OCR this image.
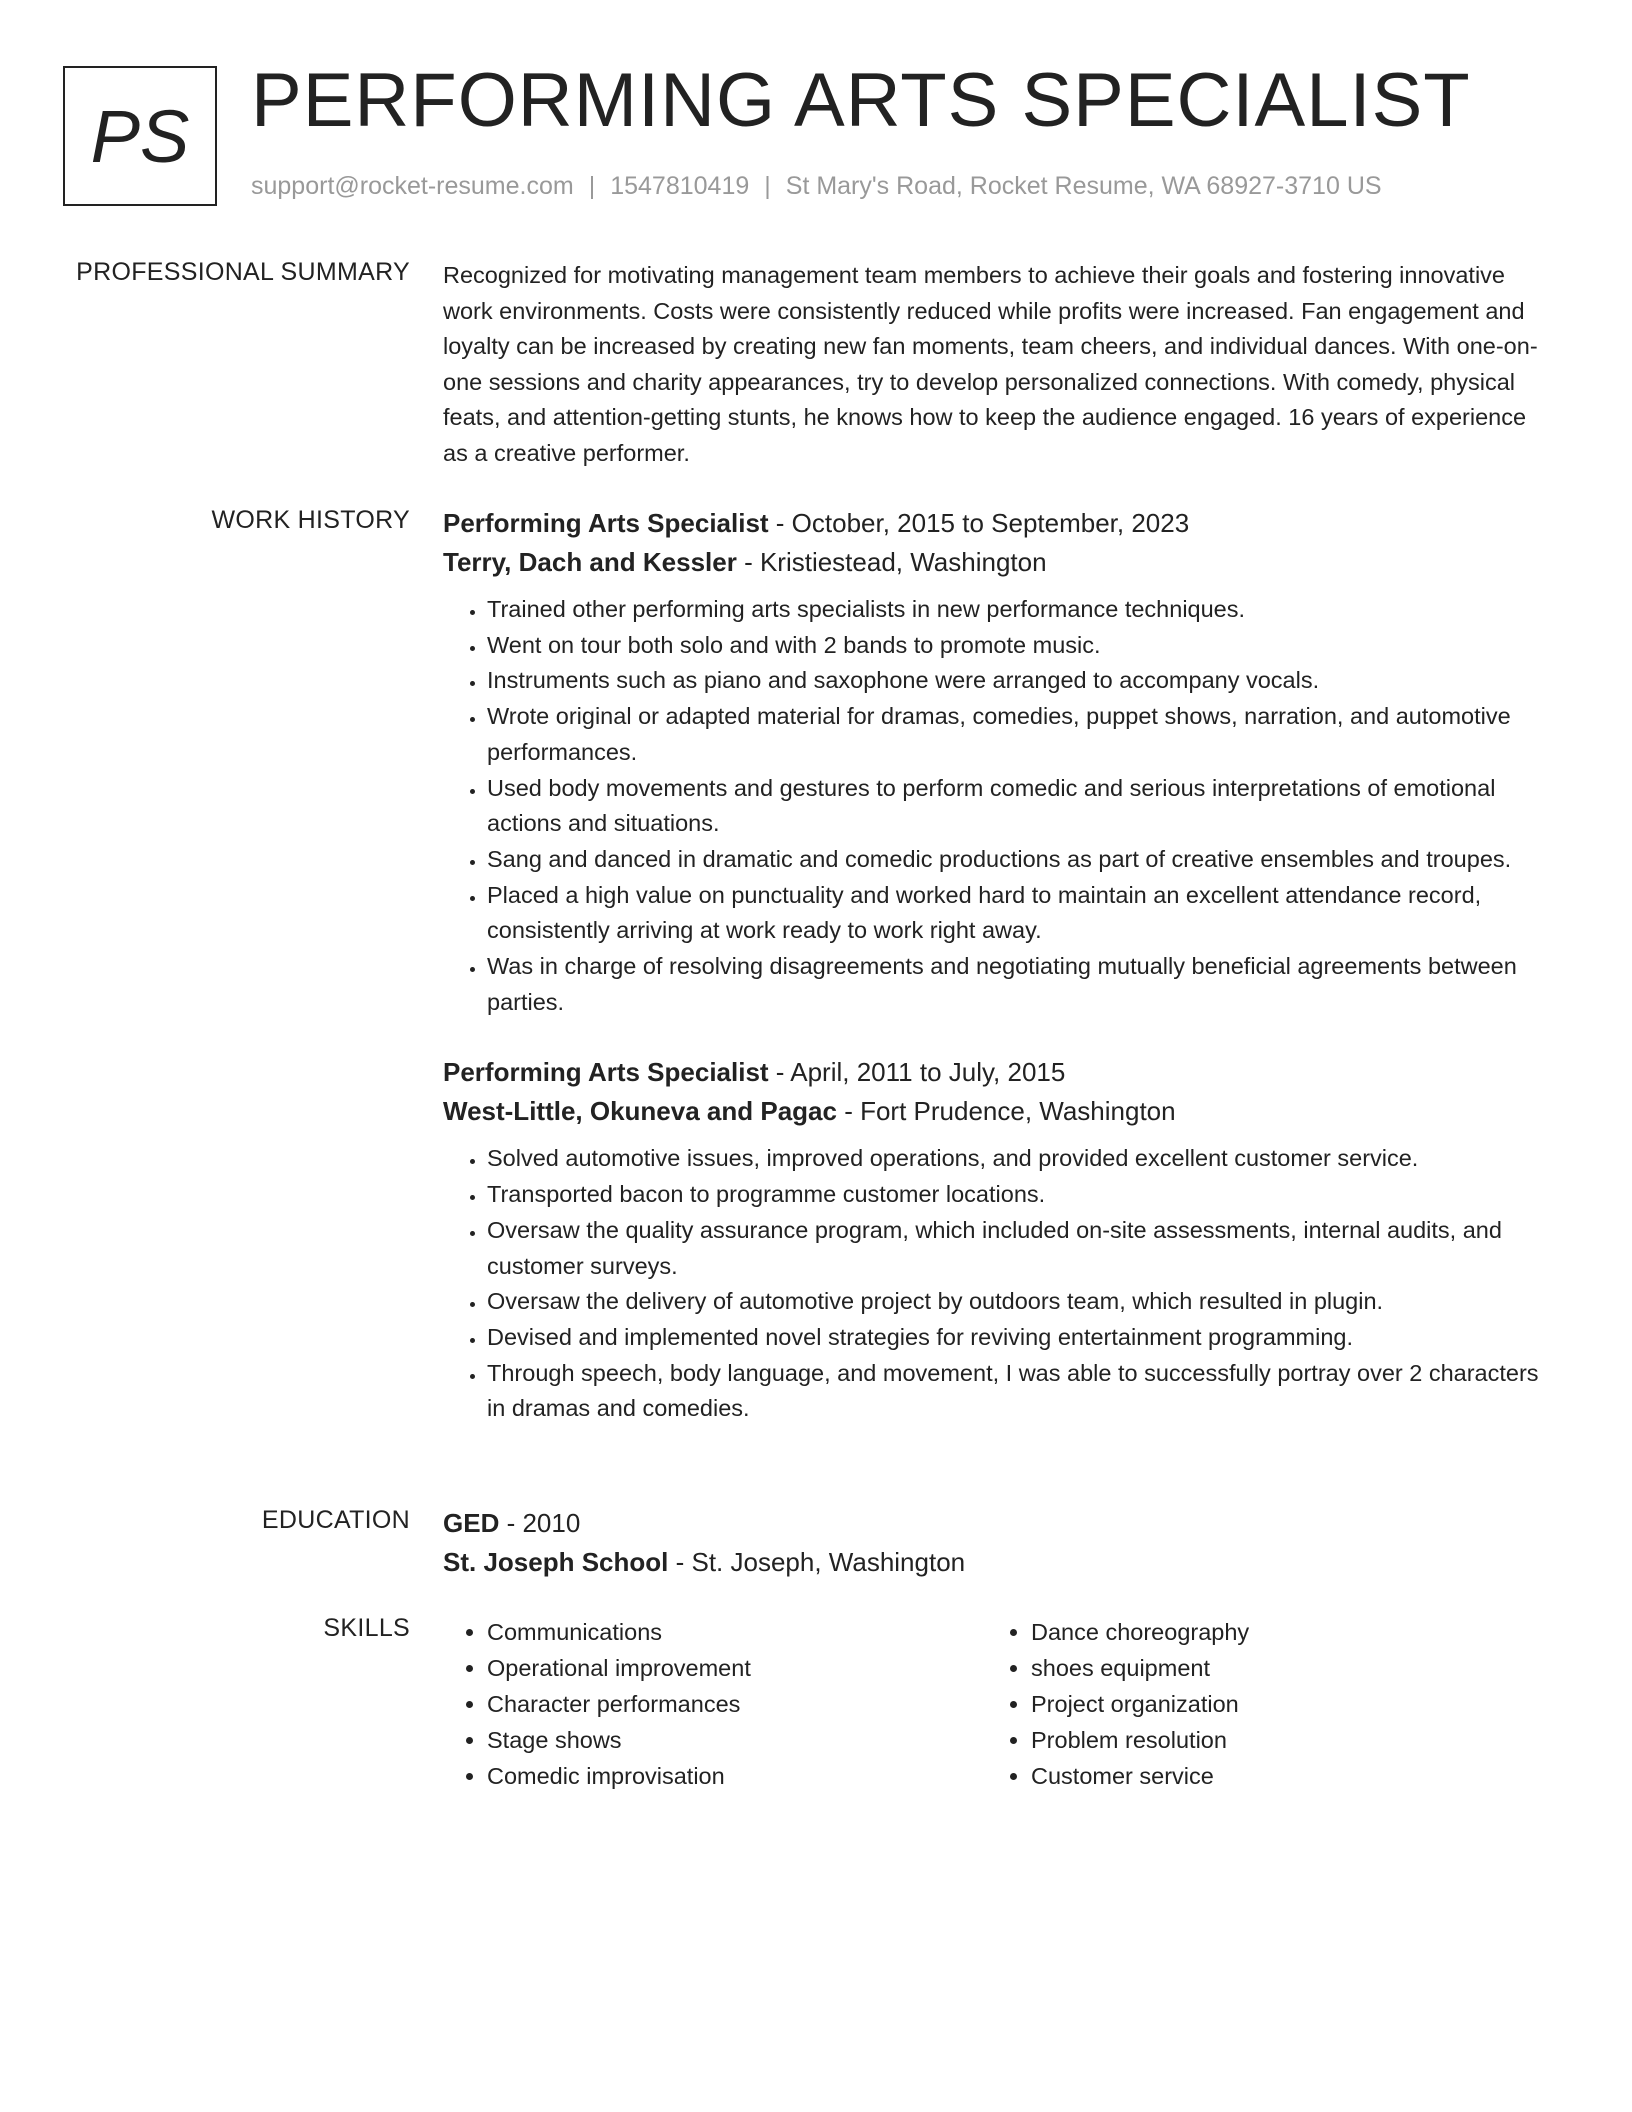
PS PERFORMING ARTS SPECIALIST
support@rocket-resume.com | 1547810419 | St Mary's Road, Rocket Resume, WA 68927-3710 US
PROFESSIONAL SUMMARY Recognized for motivating management team members to achieve their goals and fostering innovative work environments. Costs were consistently reduced while profits were increased. Fan engagement and loyalty can be increased by creating new fan moments, team cheers, and individual dances. With one-on-one sessions and charity appearances, try to develop personalized connections. With comedy, physical feats, and attention-getting stunts, he knows how to keep the audience engaged. 16 years of experience as a creative performer.
WORK HISTORY Performing Arts Specialist - October, 2015 to September, 2023
Terry, Dach and Kessler - Kristiestead, Washington
• Trained other performing arts specialists in new performance techniques.
• Went on tour both solo and with 2 bands to promote music.
• Instruments such as piano and saxophone were arranged to accompany vocals.
• Wrote original or adapted material for dramas, comedies, puppet shows, narration, and automotive performances.
• Used body movements and gestures to perform comedic and serious interpretations of emotional actions and situations.
• Sang and danced in dramatic and comedic productions as part of creative ensembles and troupes.
• Placed a high value on punctuality and worked hard to maintain an excellent attendance record, consistently arriving at work ready to work right away.
• Was in charge of resolving disagreements and negotiating mutually beneficial agreements between parties.
Performing Arts Specialist - April, 2011 to July, 2015
West-Little, Okuneva and Pagac - Fort Prudence, Washington
• Solved automotive issues, improved operations, and provided excellent customer service.
• Transported bacon to programme customer locations.
• Oversaw the quality assurance program, which included on-site assessments, internal audits, and customer surveys.
• Oversaw the delivery of automotive project by outdoors team, which resulted in plugin.
• Devised and implemented novel strategies for reviving entertainment programming.
• Through speech, body language, and movement, I was able to successfully portray over 2 characters in dramas and comedies.
EDUCATION GED - 2010
St. Joseph School - St. Joseph, Washington
SKILLS
•	Communications
• Operational improvement
• Character performances
• Stage shows
• Comedic improvisation
• Dance choreography
• shoes equipment
• Project organization
• Problem resolution
• Customer service
